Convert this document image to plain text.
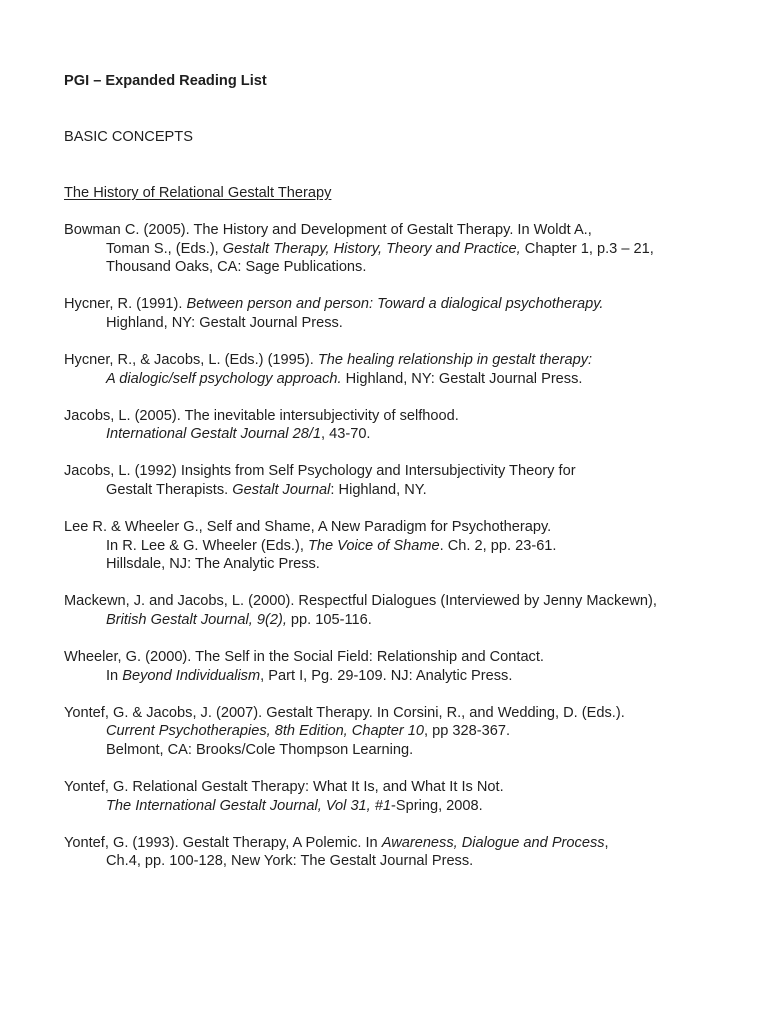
PGI – Expanded Reading List
BASIC CONCEPTS
The History of Relational Gestalt Therapy
Bowman C. (2005). The History and Development of Gestalt Therapy. In Woldt A.,
Toman S., (Eds.), Gestalt Therapy, History, Theory and Practice, Chapter 1, p.3 – 21,
Thousand Oaks, CA: Sage Publications.
Hycner, R. (1991). Between person and person: Toward a dialogical psychotherapy.
Highland, NY: Gestalt Journal Press.
Hycner, R., & Jacobs, L. (Eds.) (1995). The healing relationship in gestalt therapy:
A dialogic/self psychology approach. Highland, NY: Gestalt Journal Press.
Jacobs, L. (2005). The inevitable intersubjectivity of selfhood.
International Gestalt Journal 28/1, 43-70.
Jacobs, L. (1992) Insights from Self Psychology and Intersubjectivity Theory for
Gestalt Therapists. Gestalt Journal: Highland, NY.
Lee R. & Wheeler G., Self and Shame, A New Paradigm for Psychotherapy.
In R. Lee & G. Wheeler (Eds.), The Voice of Shame. Ch. 2, pp. 23-61.
Hillsdale, NJ: The Analytic Press.
Mackewn, J. and Jacobs, L. (2000). Respectful Dialogues (Interviewed by Jenny Mackewn),
British Gestalt Journal, 9(2), pp. 105-116.
Wheeler, G. (2000). The Self in the Social Field: Relationship and Contact.
In Beyond Individualism, Part I, Pg. 29-109. NJ: Analytic Press.
Yontef, G. & Jacobs, J. (2007). Gestalt Therapy. In Corsini, R., and Wedding, D. (Eds.).
Current Psychotherapies, 8th Edition, Chapter 10, pp 328-367.
Belmont, CA: Brooks/Cole Thompson Learning.
Yontef, G. Relational Gestalt Therapy: What It Is, and What It Is Not.
The International Gestalt Journal, Vol 31, #1-Spring, 2008.
Yontef, G. (1993). Gestalt Therapy, A Polemic. In Awareness, Dialogue and Process,
Ch.4, pp. 100-128, New York: The Gestalt Journal Press.
